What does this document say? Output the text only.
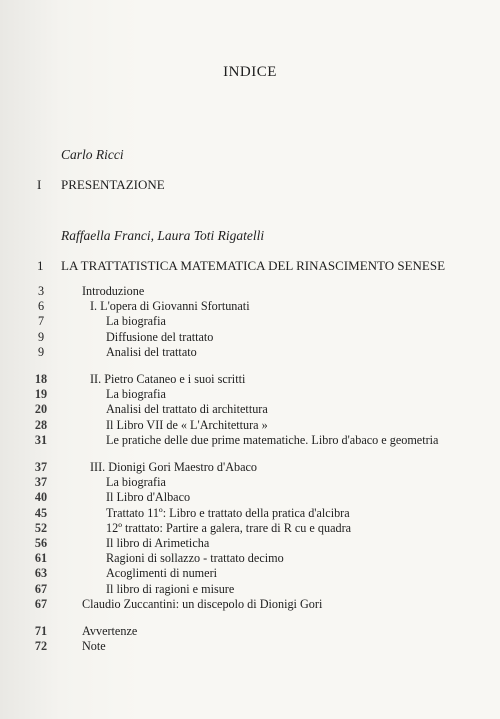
INDICE
Carlo Ricci
I	PRESENTAZIONE
Raffaella Franci, Laura Toti Rigatelli
1	LA TRATTATISTICA MATEMATICA DEL RINASCIMENTO SENESE
3	Introduzione
6	I. L'opera di Giovanni Sfortunati
7	La biografia
9	Diffusione del trattato
9	Analisi del trattato
18	II. Pietro Cataneo e i suoi scritti
19	La biografia
20	Analisi del trattato di architettura
28	Il Libro VII de « L'Architettura »
31	Le pratiche delle due prime matematiche. Libro d'abaco e geometria
37	III. Dionigi Gori Maestro d'Abaco
37	La biografia
40	Il Libro d'Albaco
45	Trattato 11º: Libro e trattato della pratica d'alcibra
52	12º trattato: Partire a galera, trare di R cu e quadra
56	Il libro di Arimeticha
61	Ragioni di sollazzo - trattato decimo
63	Acoglimenti di numeri
67	Il libro di ragioni e misure
67	Claudio Zuccantini: un discepolo di Dionigi Gori
71	Avvertenze
72	Note
